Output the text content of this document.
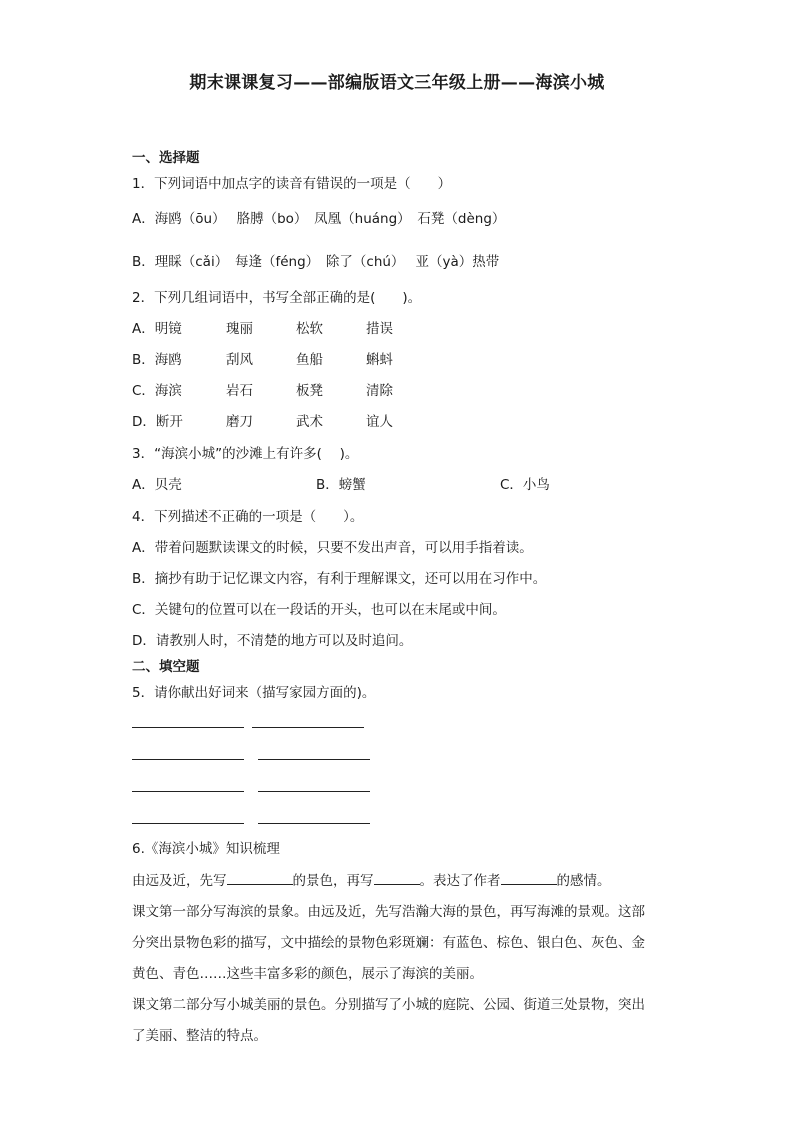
期末课课复习——部编版语文三年级上册——海滨小城
一、选择题
1．下列词语中加点字的读音有错误的一项是（　　）
A．海鸥（ōu）　 胳膊（bo）　凤凰（huáng）　石凳（dèng）
B．理睬（cǎi）　每逢（féng）　除了（chú）　 亚（yà）热带
2．下列几组词语中，书写全部正确的是(　　)。
A．明镜	瑰丽	松软	措误
B．海鸥	刮风	鱼船	蝌蚪
C．海滨	岩石	板凳	清除
D．断开	磨刀	武术	谊人
3．“海滨小城”的沙滩上有许多(　 )。
A．贝壳	B．螃蟹	C．小鸟
4．下列描述不正确的一项是（　　）。
A．带着问题默读课文的时候，只要不发出声音，可以用手指着读。
B．摘抄有助于记忆课文内容，有利于理解课文，还可以用在习作中。
C．关键句的位置可以在一段话的开头，也可以在末尾或中间。
D．请教别人时，不清楚的地方可以及时追问。
二、填空题
5．请你献出好词来（描写家园方面的)。
6.《海滨小城》知识梳理
由远及近，先写	的景色，再写	。表达了作者	的感情。
课文第一部分写海滨的景象。由远及近，先写浩瀚大海的景色，再写海滩的景观。这部
分突出景物色彩的描写，文中描绘的景物色彩斑斓：有蓝色、棕色、银白色、灰色、金
黄色、青色……这些丰富多彩的颜色，展示了海滨的美丽。
课文第二部分写小城美丽的景色。分别描写了小城的庭院、公园、街道三处景物，突出
了美丽、整洁的特点。
